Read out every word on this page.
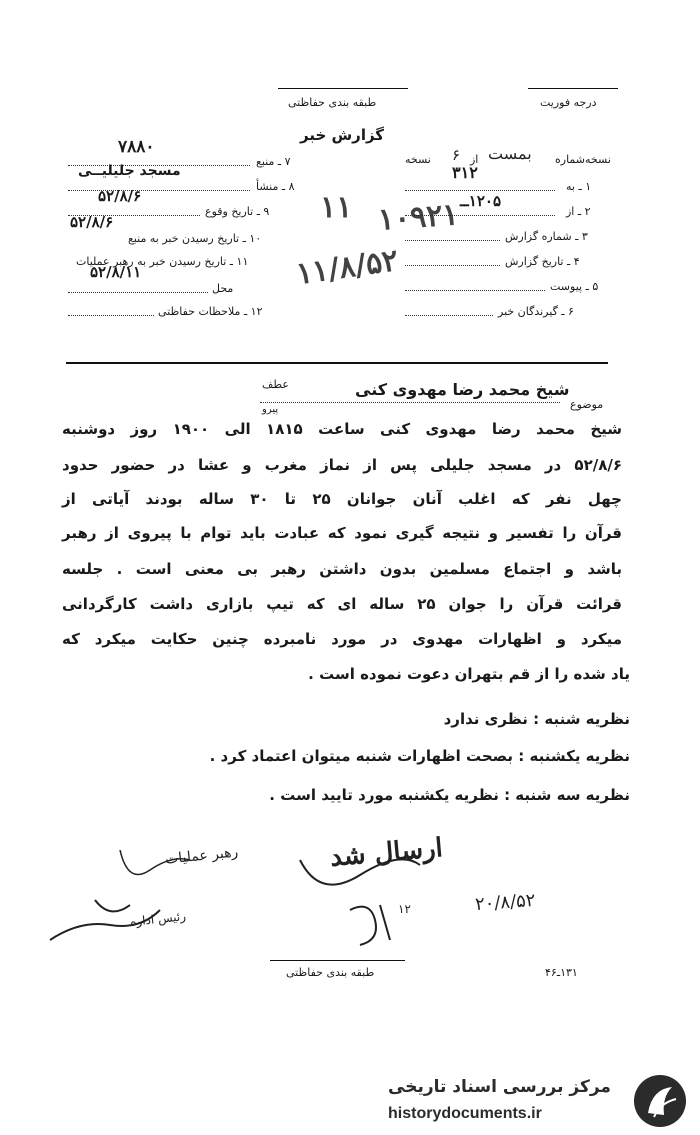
طبقه بندی حفاظتی	درجه فوریت
گزارش خبر
نسخه‌شماره
بمست
از
۶
نسخه
۱ ـ به
۳۱۲
۲ ـ از
۱۲۰۵ــ
۳ ـ شماره گزارش
۴ ـ تاریخ گزارش
۵ ـ پیوست
۶ ـ گیرندگان خبر
۷ ـ منبع
۷۸۸۰
۸ ـ منشأ
مسجد جلیلیــی
۹ ـ تاریخ وقوع
۵۲/۸/۶
۱۰ ـ تاریخ رسیدن خبر به منبع
۵۲/۸/۶
۱۱ ـ تاریخ رسیدن خبر به رهبر عملیات
۵۲/۸/۱۱
محل
۱۲ ـ ملاحظات حفاظتی
۱۰۹۲۱
۱۱/۸/۵۲
۱۱
موضوع
شیخ محمد رضا مهدوی کنی
عطف
پیرو
شیخ محمد رضا مهدوی کنی ساعت ۱۸۱۵ الی ۱۹۰۰ روز دوشنبه
۵۲/۸/۶ در مسجد جلیلی پس از نماز مغرب و عشا در حضور حدود
چهل نفر که اغلب آنان جوانان ۲۵ تا ۳۰ ساله بودند آیاتی از
قرآن را تفسیر و نتیجه گیری نمود که عبادت باید توام با پیروی از رهبر
باشد و اجتماع مسلمین بدون داشتن رهبر بی معنی است . جلسه
قرائت قرآن را جوان ۲۵ ساله ای که تیپ بازاری داشت کارگردانی
میکرد و اظهارات مهدوی در مورد نامبرده چنین حکایت میکرد که
یاد شده را از قم بتهران دعوت نموده است .
نظریه شنبه : نظری ندارد
نظریه یکشنبه : بصحت اظهارات شنبه میتوان اعتماد کرد .
نظریه سه شنبه : نظریه یکشنبه مورد تایید است .
رهبر عملیات
رئیس اداره
ارسال شد
۲۰/۸/۵۲
۱۲
طبقه بندی حفاظتی	۱۳۱ـ۴۶
مرکز بررسی اسناد تاریخی
historydocuments.ir
